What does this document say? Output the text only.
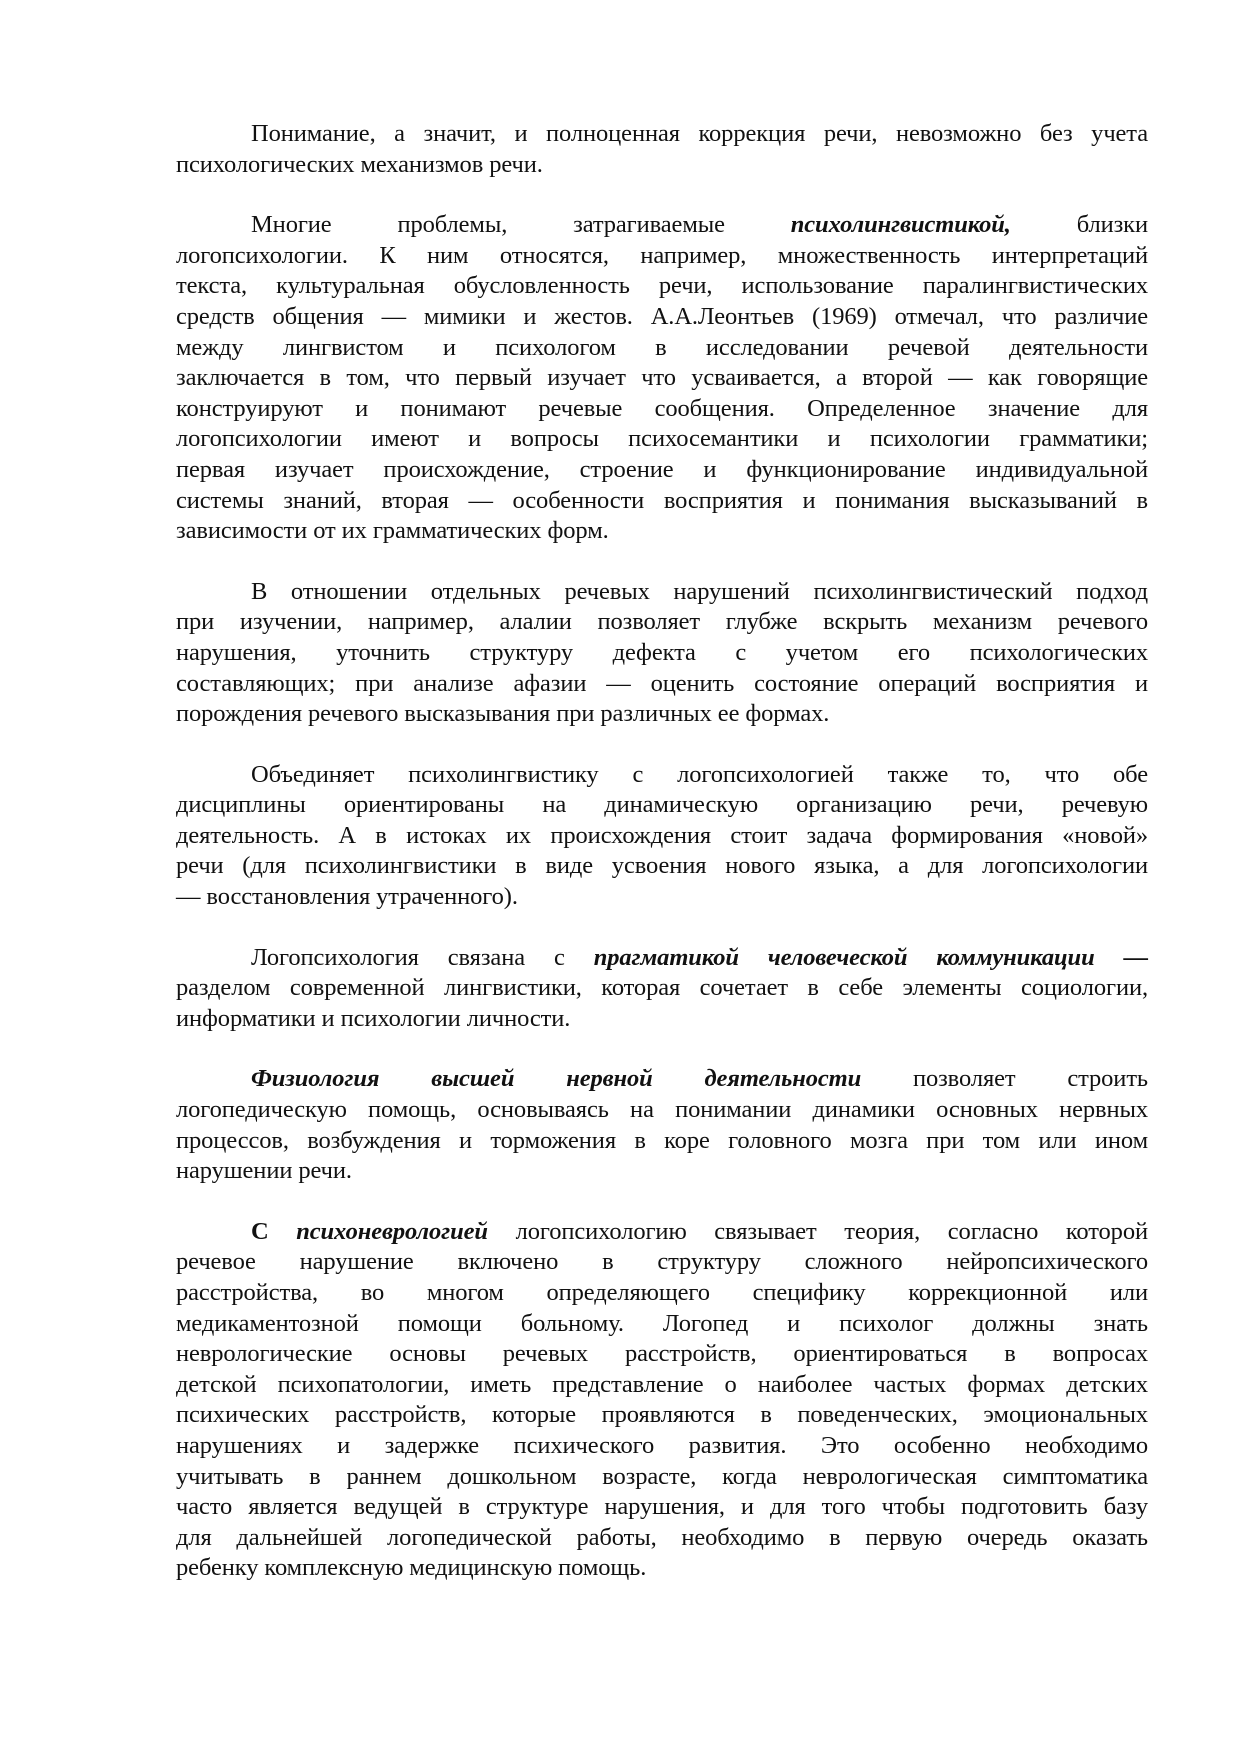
Понимание, а значит, и полноценная коррекция речи, невозможно без учета
психологических механизмов речи.
Многие проблемы, затрагиваемые психолингвистикой, близки
логопсихологии. К ним относятся, например, множественность интерпретаций
текста, культуральная обусловленность речи, использование паралингвистических
средств общения — мимики и жестов. А.А.Леонтьев (1969) отмечал, что различие
между лингвистом и психологом в исследовании речевой деятельности
заключается в том, что первый изучает что усваивается, а второй — как говорящие
конструируют и понимают речевые сообщения. Определенное значение для
логопсихологии имеют и вопросы психосемантики и психологии грамматики;
первая изучает происхождение, строение и функционирование индивидуальной
системы знаний, вторая — особенности восприятия и понимания высказываний в
зависимости от их грамматических форм.
В отношении отдельных речевых нарушений психолингвистический подход
при изучении, например, алалии позволяет глубже вскрыть механизм речевого
нарушения, уточнить структуру дефекта с учетом его психологических
составляющих; при анализе афазии — оценить состояние операций восприятия и
порождения речевого высказывания при различных ее формах.
Объединяет психолингвистику с логопсихологией также то, что обе
дисциплины ориентированы на динамическую организацию речи, речевую
деятельность. А в истоках их происхождения стоит задача формирования «новой»
речи (для психолингвистики в виде усвоения нового языка, а для логопсихологии
— восстановления утраченного).
Логопсихология связана с прагматикой человеческой коммуникации —
разделом современной лингвистики, которая сочетает в себе элементы социологии,
информатики и психологии личности.
Физиология высшей нервной деятельности позволяет строить
логопедическую помощь, основываясь на понимании динамики основных нервных
процессов, возбуждения и торможения в коре головного мозга при том или ином
нарушении речи.
С психоневрологией логопсихологию связывает теория, согласно которой
речевое нарушение включено в структуру сложного нейропсихического
расстройства, во многом определяющего специфику коррекционной или
медикаментозной помощи больному. Логопед и психолог должны знать
неврологические основы речевых расстройств, ориентироваться в вопросах
детской психопатологии, иметь представление о наиболее частых формах детских
психических расстройств, которые проявляются в поведенческих, эмоциональных
нарушениях и задержке психического развития. Это особенно необходимо
учитывать в раннем дошкольном возрасте, когда неврологическая симптоматика
часто является ведущей в структуре нарушения, и для того чтобы подготовить базу
для дальнейшей логопедической работы, необходимо в первую очередь оказать
ребенку комплексную медицинскую помощь.
